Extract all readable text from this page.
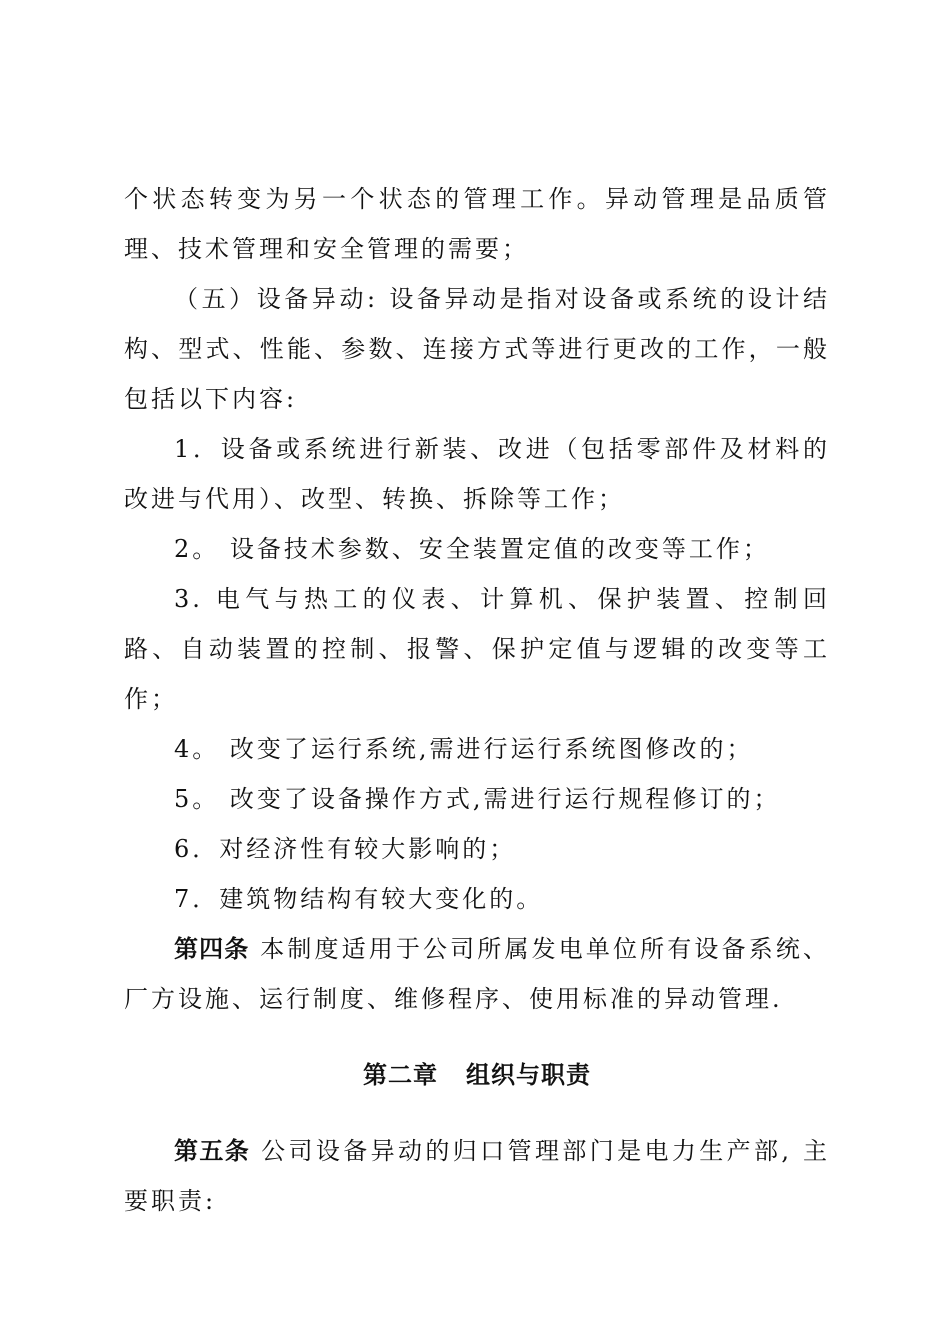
个状态转变为另一个状态的管理工作。异动管理是品质管理、技术管理和安全管理的需要；

（五）设备异动: 设备异动是指对设备或系统的设计结构、型式、性能、参数、连接方式等进行更改的工作，一般包括以下内容:

1．设备或系统进行新装、改进（包括零部件及材料的改进与代用）、改型、转换、拆除等工作；

2。 设备技术参数、安全装置定值的改变等工作；

3. 电气与热工的仪表、计算机、保护装置、控制回路、自动装置的控制、报警、保护定值与逻辑的改变等工作；

4。 改变了运行系统,需进行运行系统图修改的；

5。 改变了设备操作方式,需进行运行规程修订的；

6．对经济性有较大影响的；

7．建筑物结构有较大变化的。

第四条 本制度适用于公司所属发电单位所有设备系统、厂方设施、运行制度、维修程序、使用标准的异动管理.

第二章 组织与职责

第五条 公司设备异动的归口管理部门是电力生产部, 主要职责:
